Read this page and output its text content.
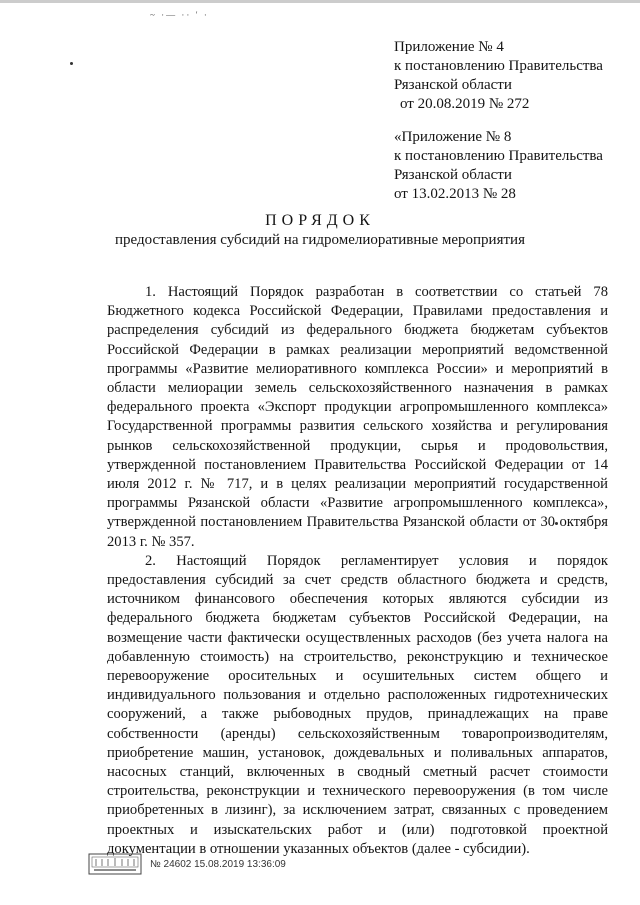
~ ·— ·· ′ ·
Приложение № 4
к постановлению Правительства
Рязанской области
от 20.08.2019 № 272
«Приложение № 8
к постановлению Правительства
Рязанской области
от 13.02.2013 № 28
ПОРЯДОК
предоставления субсидий на гидромелиоративные мероприятия

1. Настоящий Порядок разработан в соответствии со статьей 78 Бюджетного кодекса Российской Федерации, Правилами предоставления и распределения субсидий из федерального бюджета бюджетам субъектов Российской Федерации в рамках реализации мероприятий ведомственной программы «Развитие мелиоративного комплекса России» и мероприятий в области мелиорации земель сельскохозяйственного назначения в рамках федерального проекта «Экспорт продукции агропромышленного комплекса» Государственной программы развития сельского хозяйства и регулирования рынков сельскохозяйственной продукции, сырья и продовольствия, утвержденной постановлением Правительства Российской Федерации от 14 июля 2012 г. № 717, и в целях реализации мероприятий государственной программы Рязанской области «Развитие агропромышленного комплекса», утвержденной постановлением Правительства Рязанской области от 30 октября 2013 г. № 357.

2. Настоящий Порядок регламентирует условия и порядок предоставления субсидий за счет средств областного бюджета и средств, источником финансового обеспечения которых являются субсидии из федерального бюджета бюджетам субъектов Российской Федерации, на возмещение части фактически осуществленных расходов (без учета налога на добавленную стоимость) на строительство, реконструкцию и техническое перевооружение оросительных и осушительных систем общего и индивидуального пользования и отдельно расположенных гидротехнических сооружений, а также рыбоводных прудов, принадлежащих на праве собственности (аренды) сельскохозяйственным товаропроизводителям, приобретение машин, установок, дождевальных и поливальных аппаратов, насосных станций, включенных в сводный сметный расчет стоимости строительства, реконструкции и технического перевооружения (в том числе приобретенных в лизинг), за исключением затрат, связанных с проведением проектных и изыскательских работ и (или) подготовкой проектной документации в отношении указанных объектов (далее - субсидии).

№ 24602 15.08.2019 13:36:09
